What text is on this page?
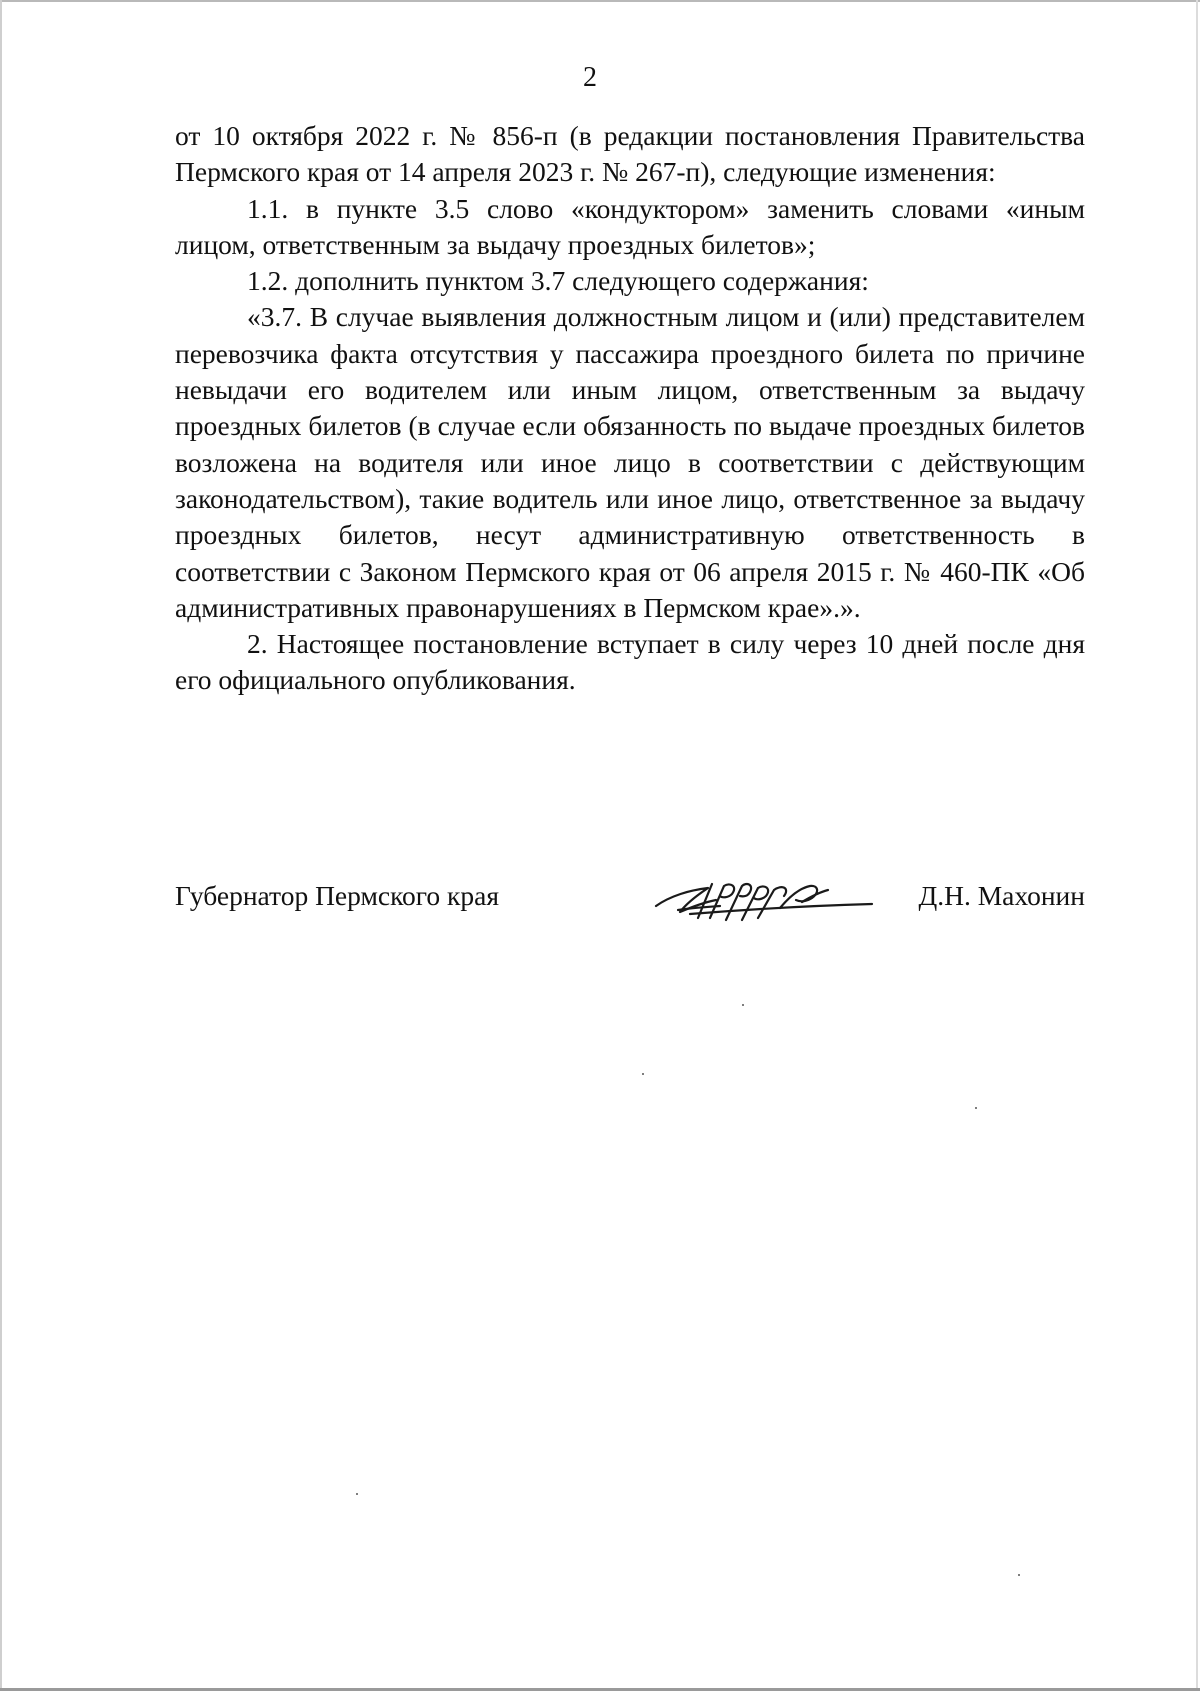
2

от 10 октября 2022 г. № 856-п (в редакции постановления Правительства Пермского края от 14 апреля 2023 г. № 267-п), следующие изменения:

1.1. в пункте 3.5 слово «кондуктором» заменить словами «иным лицом, ответственным за выдачу проездных билетов»;

1.2. дополнить пунктом 3.7 следующего содержания:

«3.7. В случае выявления должностным лицом и (или) представителем перевозчика факта отсутствия у пассажира проездного билета по причине невыдачи его водителем или иным лицом, ответственным за выдачу проездных билетов (в случае если обязанность по выдаче проездных билетов возложена на водителя или иное лицо в соответствии с действующим законодательством), такие водитель или иное лицо, ответственное за выдачу проездных билетов, несут административную ответственность в соответствии с Законом Пермского края от 06 апреля 2015 г. № 460-ПК «Об административных правонарушениях в Пермском крае».».

2. Настоящее постановление вступает в силу через 10 дней после дня его официального опубликования.

Губернатор Пермского края	Д.Н. Махонин
